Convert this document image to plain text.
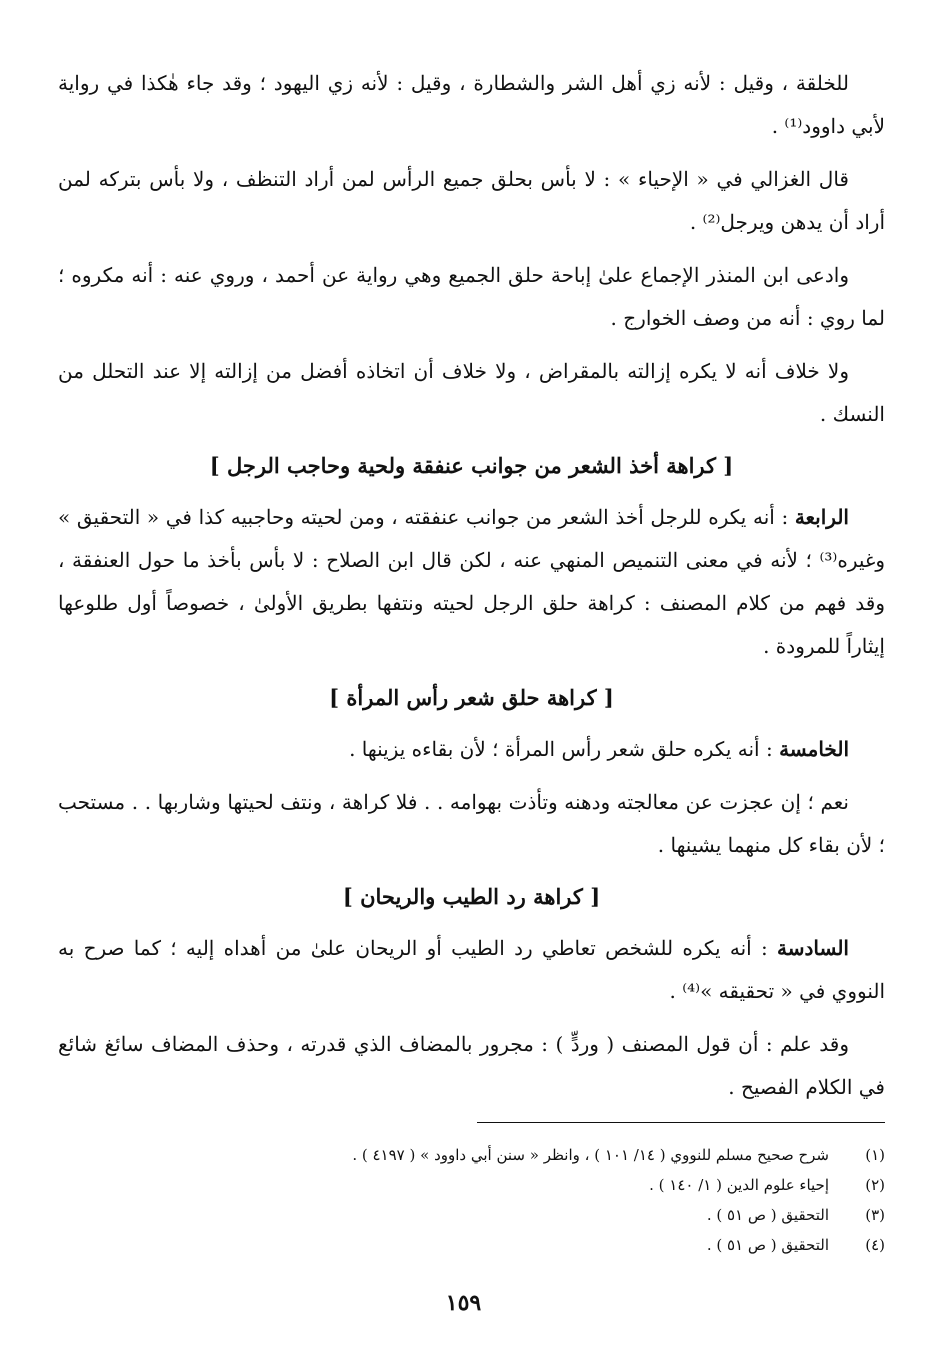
للخلقة ، وقيل : لأنه زي أهل الشر والشطارة ، وقيل : لأنه زي اليهود ؛ وقد جاء هٰكذا في رواية لأبي داوود⁽¹⁾ .

قال الغزالي في « الإحياء » : لا بأس بحلق جميع الرأس لمن أراد التنظف ، ولا بأس بتركه لمن أراد أن يدهن ويرجل⁽²⁾ .

وادعى ابن المنذر الإجماع علىٰ إباحة حلق الجميع وهي رواية عن أحمد ، وروي عنه : أنه مكروه ؛ لما روي : أنه من وصف الخوارج .

ولا خلاف أنه لا يكره إزالته بالمقراض ، ولا خلاف أن اتخاذه أفضل من إزالته إلا عند التحلل من النسك .

[ كراهة أخذ الشعر من جوانب عنفقة ولحية وحاجب الرجل ]

الرابعة : أنه يكره للرجل أخذ الشعر من جوانب عنفقته ، ومن لحيته وحاجبيه كذا في « التحقيق » وغيره⁽³⁾ ؛ لأنه في معنى التنميص المنهي عنه ، لكن قال ابن الصلاح : لا بأس بأخذ ما حول العنفقة ، وقد فهم من كلام المصنف : كراهة حلق الرجل لحيته ونتفها بطريق الأولىٰ ، خصوصاً أول طلوعها إيثاراً للمرودة .

[ كراهة حلق شعر رأس المرأة ]

الخامسة : أنه يكره حلق شعر رأس المرأة ؛ لأن بقاءه يزينها .

نعم ؛ إن عجزت عن معالجته ودهنه وتأذت بهوامه . . فلا كراهة ، ونتف لحيتها وشاربها . . مستحب ؛ لأن بقاء كل منهما يشينها .

[ كراهة رد الطيب والريحان ]

السادسة : أنه يكره للشخص تعاطي رد الطيب أو الريحان علىٰ من أهداه إليه ؛ كما صرح به النووي في « تحقيقه »⁽⁴⁾ .

وقد علم : أن قول المصنف ( وردٍّ ) : مجرور بالمضاف الذي قدرته ، وحذف المضاف سائغ شائع في الكلام الفصيح .

(١)شرح صحيح مسلم للنووي ( ١٤/ ١٠١ ) ، وانظر « سنن أبي داوود » ( ٤١٩٧ ) .
(٢)إحياء علوم الدين ( ١/ ١٤٠ ) .
(٣)التحقيق ( ص ٥١ ) .
(٤)التحقيق ( ص ٥١ ) .
١٥٩
